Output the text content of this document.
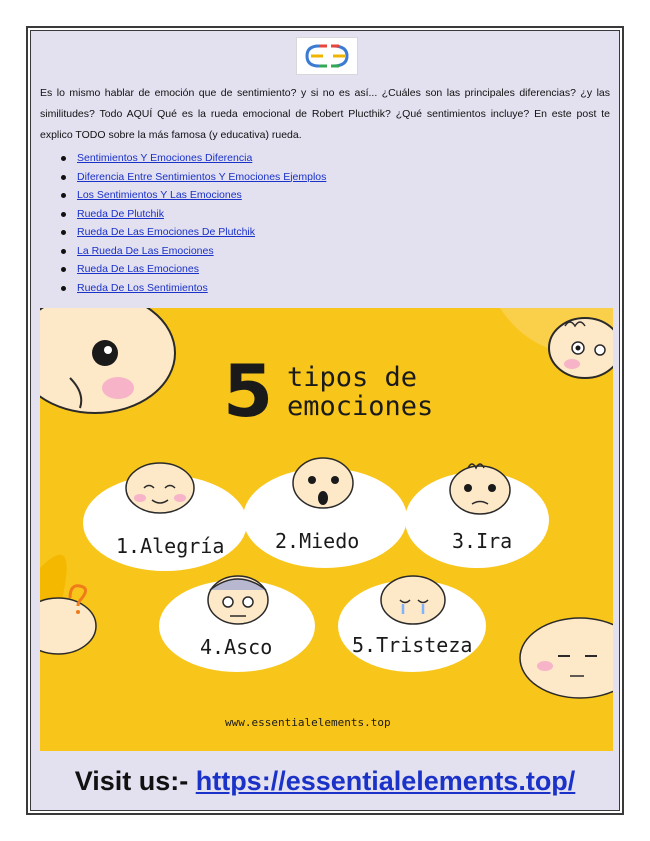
Es lo mismo hablar de emoción que de sentimiento? y si no es así... ¿Cuáles son las principales diferencias? ¿y las similitudes? Todo AQUÍ Qué es la rueda emocional de Robert Plucthik? ¿Qué sentimientos incluye? En este post te explico TODO sobre la más famosa (y educativa) rueda.

Sentimientos Y Emociones Diferencia
Diferencia Entre Sentimientos Y Emociones Ejemplos
Los Sentimientos Y Las Emociones
Rueda De Plutchik
Rueda De Las Emociones De Plutchik
La Rueda De Las Emociones
Rueda De Las Emociones
Rueda De Los Sentimientos
5 tipos de
emociones
1.Alegría	2.Miedo	3.Ira
4.Asco	5.Tristeza
www.essentialelements.top
Visit us:- https://essentialelements.top/
